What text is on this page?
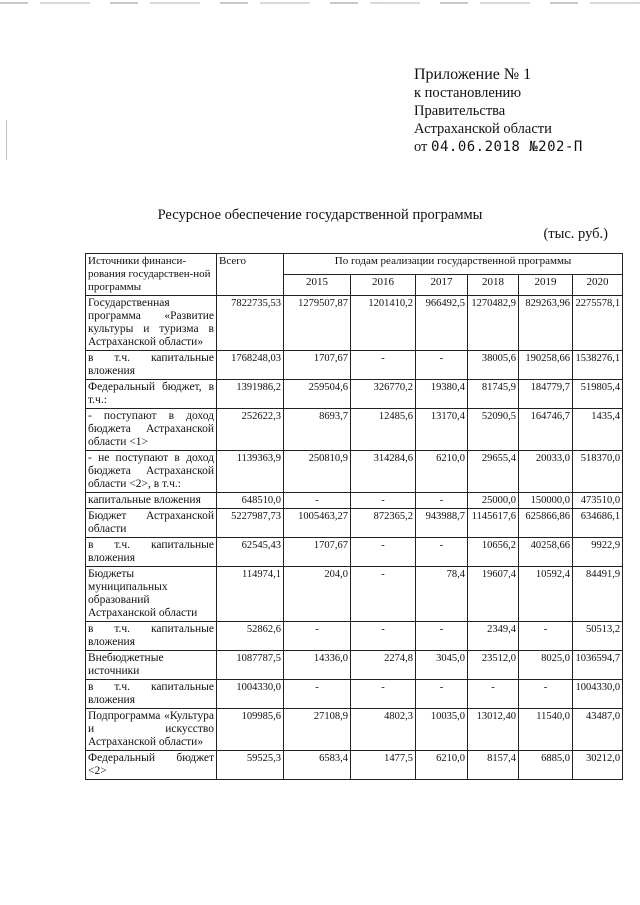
Приложение № 1
к постановлению
Правительства
Астраханской области
от 04.06.2018 №202-П
Ресурсное обеспечение государственной программы
(тыс. руб.)
Источники финанси-рования государствен-ной программы	Всего	По годам реализации государственной программы					
		2015	2016	2017	2018	2019	2020
Государственная программа «Развитие культуры и туризма в Астраханской области»	7822735,53	1279507,87	1201410,2	966492,5	1270482,9	829263,96	2275578,1
в т.ч. капитальные вложения	1768248,03	1707,67	-	-	38005,6	190258,66	1538276,1
Федеральный бюджет, в т.ч.:	1391986,2	259504,6	326770,2	19380,4	81745,9	184779,7	519805,4
- поступают в доход бюджета Астраханской области <1>	252622,3	8693,7	12485,6	13170,4	52090,5	164746,7	1435,4
- не поступают в доход бюджета Астраханской области <2>, в т.ч.:	1139363,9	250810,9	314284,6	6210,0	29655,4	20033,0	518370,0
капитальные вложения	648510,0	-	-	-	25000,0	150000,0	473510,0
Бюджет Астраханской области	5227987,73	1005463,27	872365,2	943988,7	1145617,6	625866,86	634686,1
в т.ч. капитальные вложения	62545,43	1707,67	-	-	10656,2	40258,66	9922,9
Бюджеты муниципальных образований Астраханской области	114974,1	204,0	-	78,4	19607,4	10592,4	84491,9
в т.ч. капитальные вложения	52862,6	-	-	-	2349,4	-	50513,2
Внебюджетные источники	1087787,5	14336,0	2274,8	3045,0	23512,0	8025,0	1036594,7
в т.ч. капитальные вложения	1004330,0	-	-	-	-	-	1004330,0
Подпрограмма «Культура и искусство Астраханской области»	109985,6	27108,9	4802,3	10035,0	13012,40	11540,0	43487,0
Федеральный бюджет <2>	59525,3	6583,4	1477,5	6210,0	8157,4	6885,0	30212,0
